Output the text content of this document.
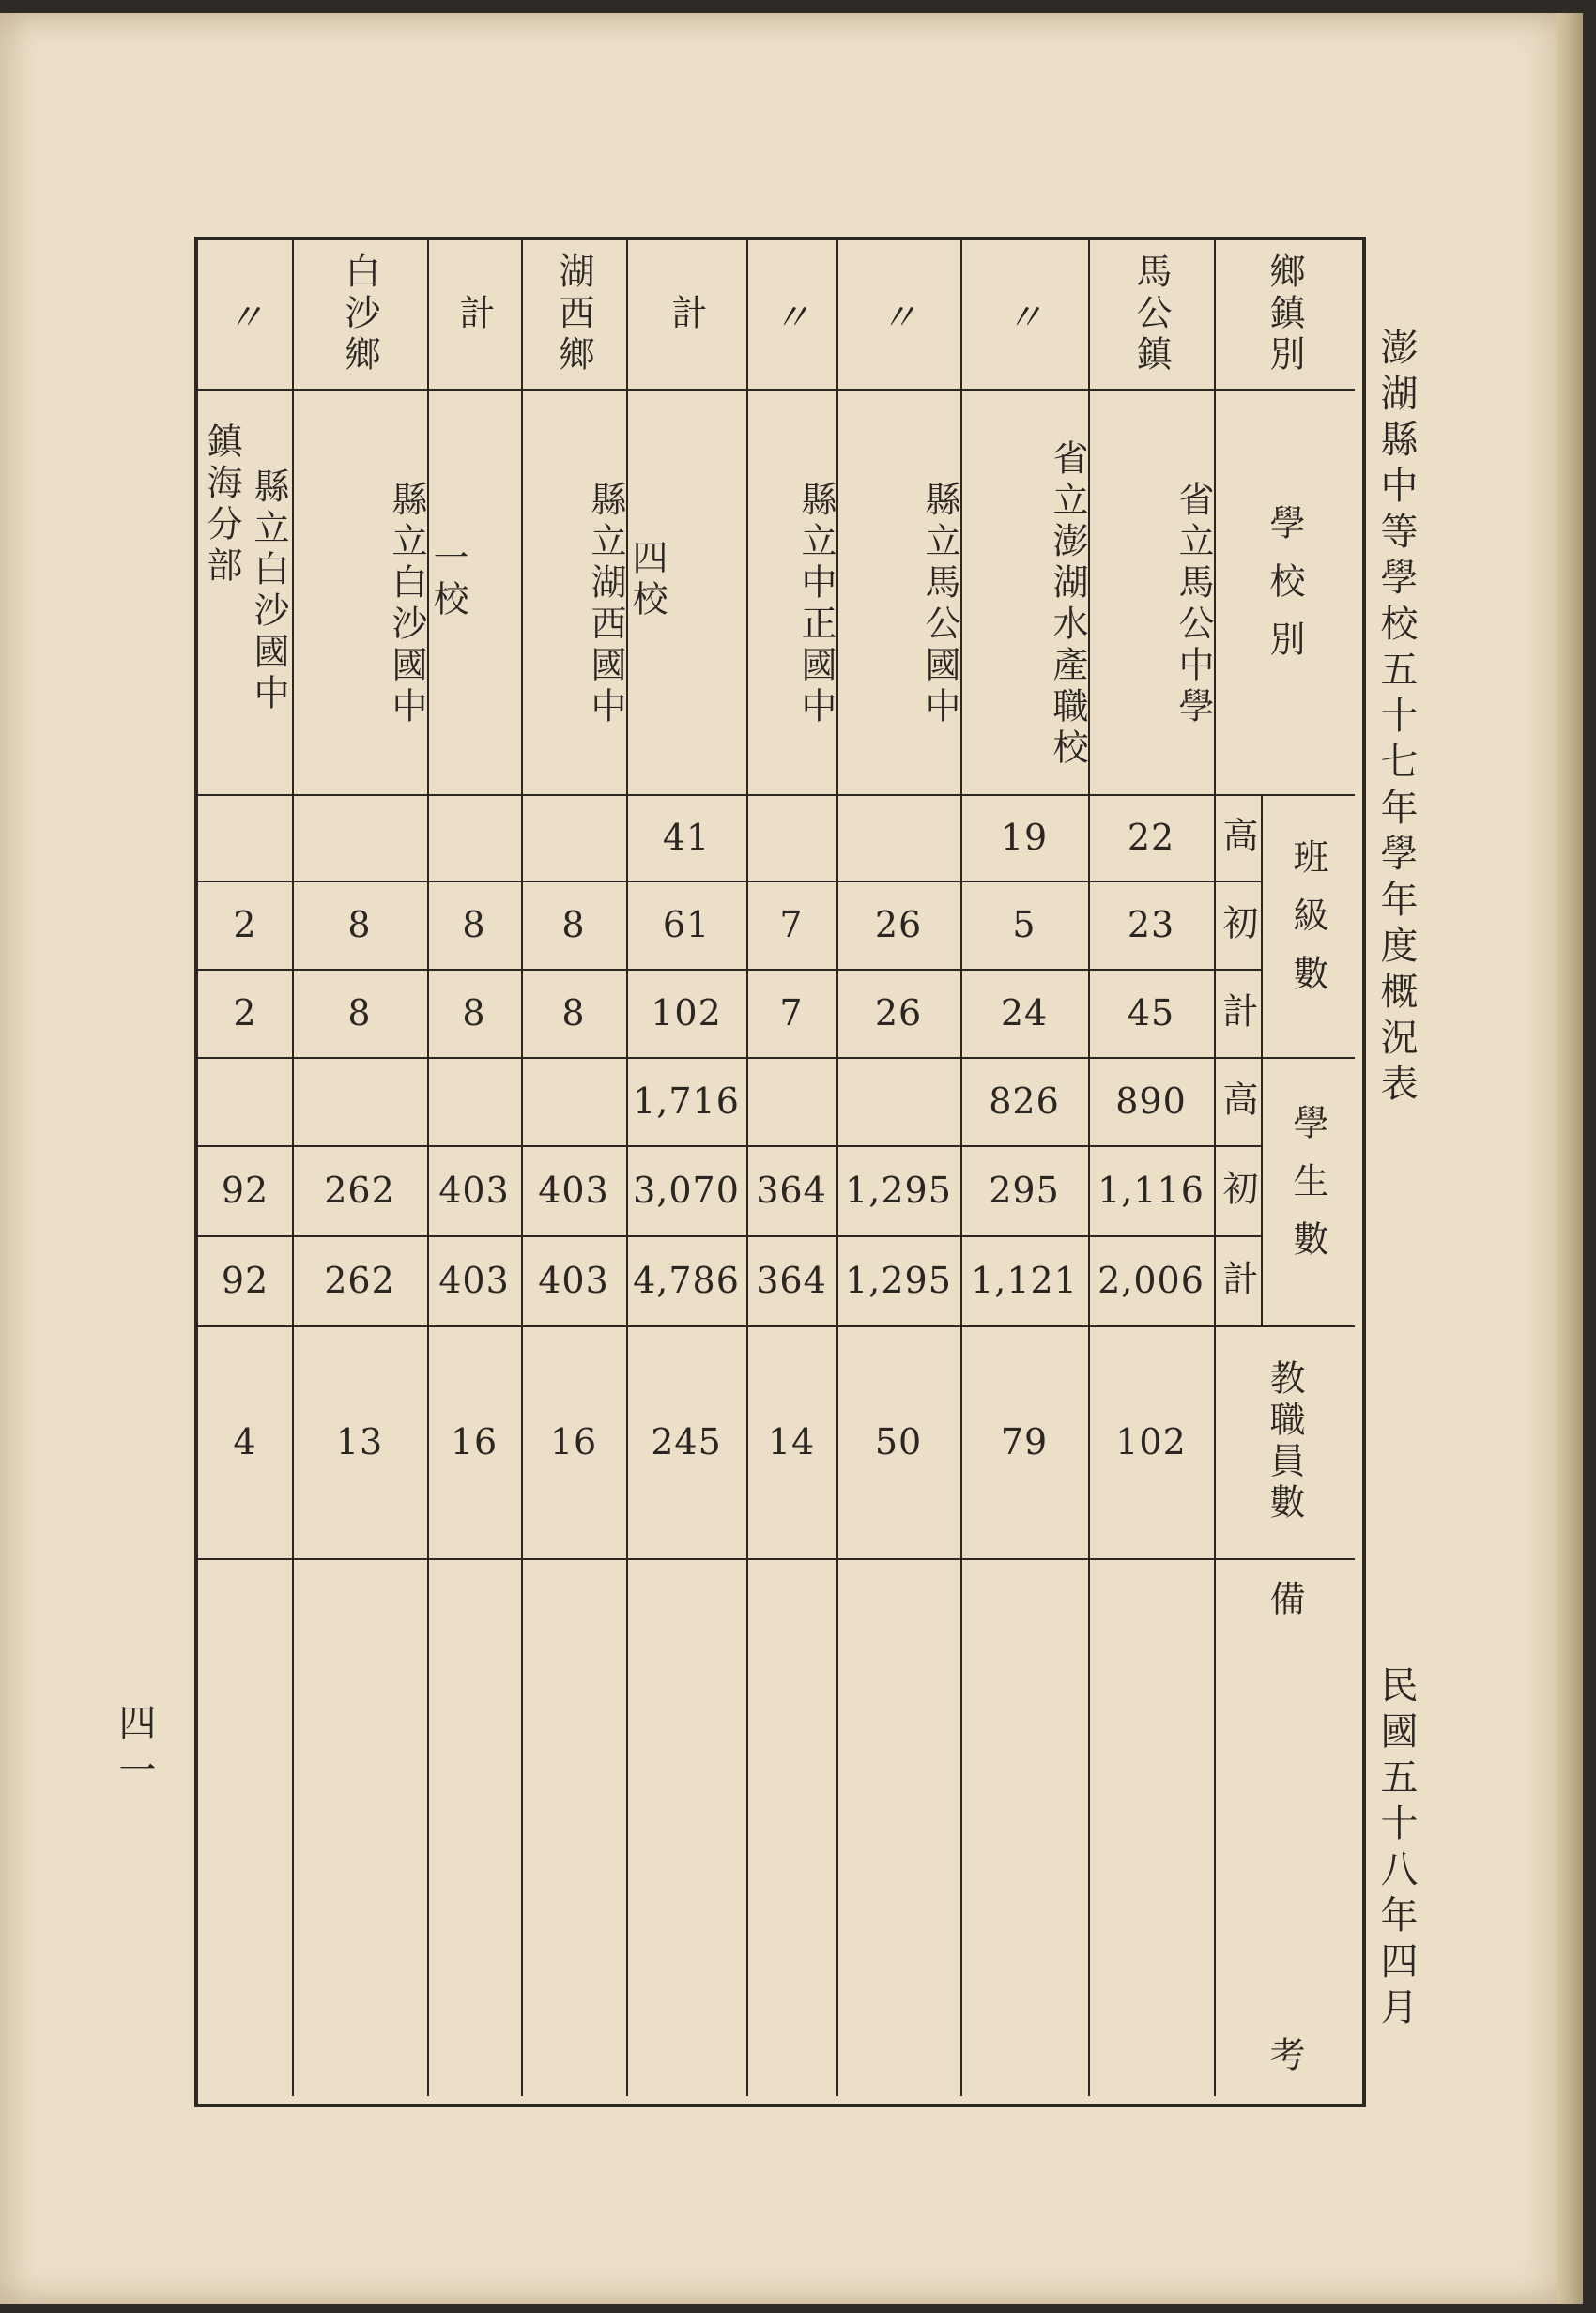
澎湖縣中等學校五十七年學年度概況表
民國五十八年四月
四一
鄉鎮別
學校別
班級數
學生數
高
初
計
高
初
計
教職員數
備
考
馬公鎮
省立馬公中學
22
23
45
890
1,116
2,006
102
〃
省立澎湖水產職校
19
5
24
826
295
1,121
79
〃
縣立馬公國中
26
26
1,295
1,295
50
〃
縣立中正國中
7
7
364
364
14
計
四校
41
61
102
1,716
3,070
4,786
245
湖西鄉
縣立湖西國中
8
8
403
403
16
計
一校
8
8
403
403
16
白沙鄉
縣立白沙國中
8
8
262
262
13
〃
縣立白沙國中
鎮海分部
2
2
92
92
4
